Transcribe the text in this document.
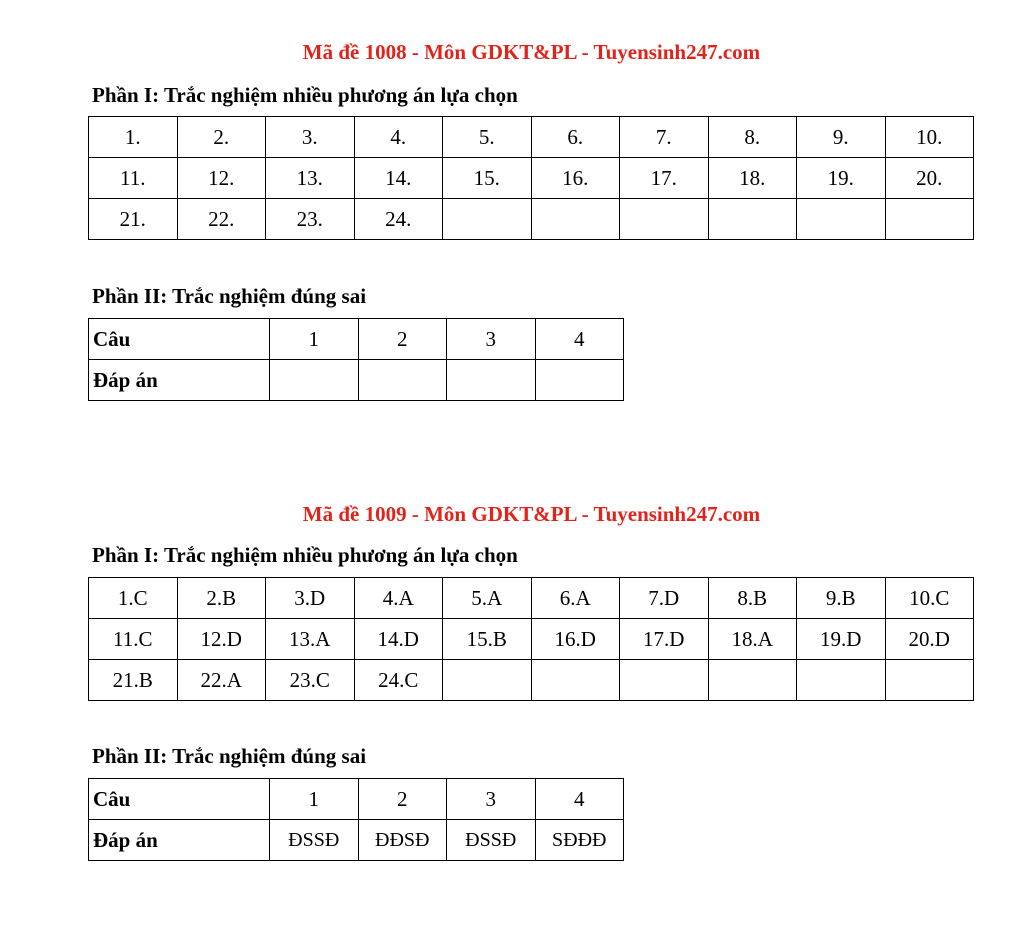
Mã đề 1008 - Môn GDKT&PL - Tuyensinh247.com
Phần I: Trắc nghiệm nhiều phương án lựa chọn
1.	2.	3.	4.	5.	6.	7.	8.	9.	10.
11.	12.	13.	14.	15.	16.	17.	18.	19.	20.
21.	22.	23.	24.						
Phần II: Trắc nghiệm đúng sai
Câu	1	2	3	4
Đáp án				
Mã đề 1009 - Môn GDKT&PL - Tuyensinh247.com
Phần I: Trắc nghiệm nhiều phương án lựa chọn
1.C	2.B	3.D	4.A	5.A	6.A	7.D	8.B	9.B	10.C
11.C	12.D	13.A	14.D	15.B	16.D	17.D	18.A	19.D	20.D
21.B	22.A	23.C	24.C						
Phần II: Trắc nghiệm đúng sai
Câu	1	2	3	4
Đáp án	ĐSSĐ	ĐĐSĐ	ĐSSĐ	SĐĐĐ
